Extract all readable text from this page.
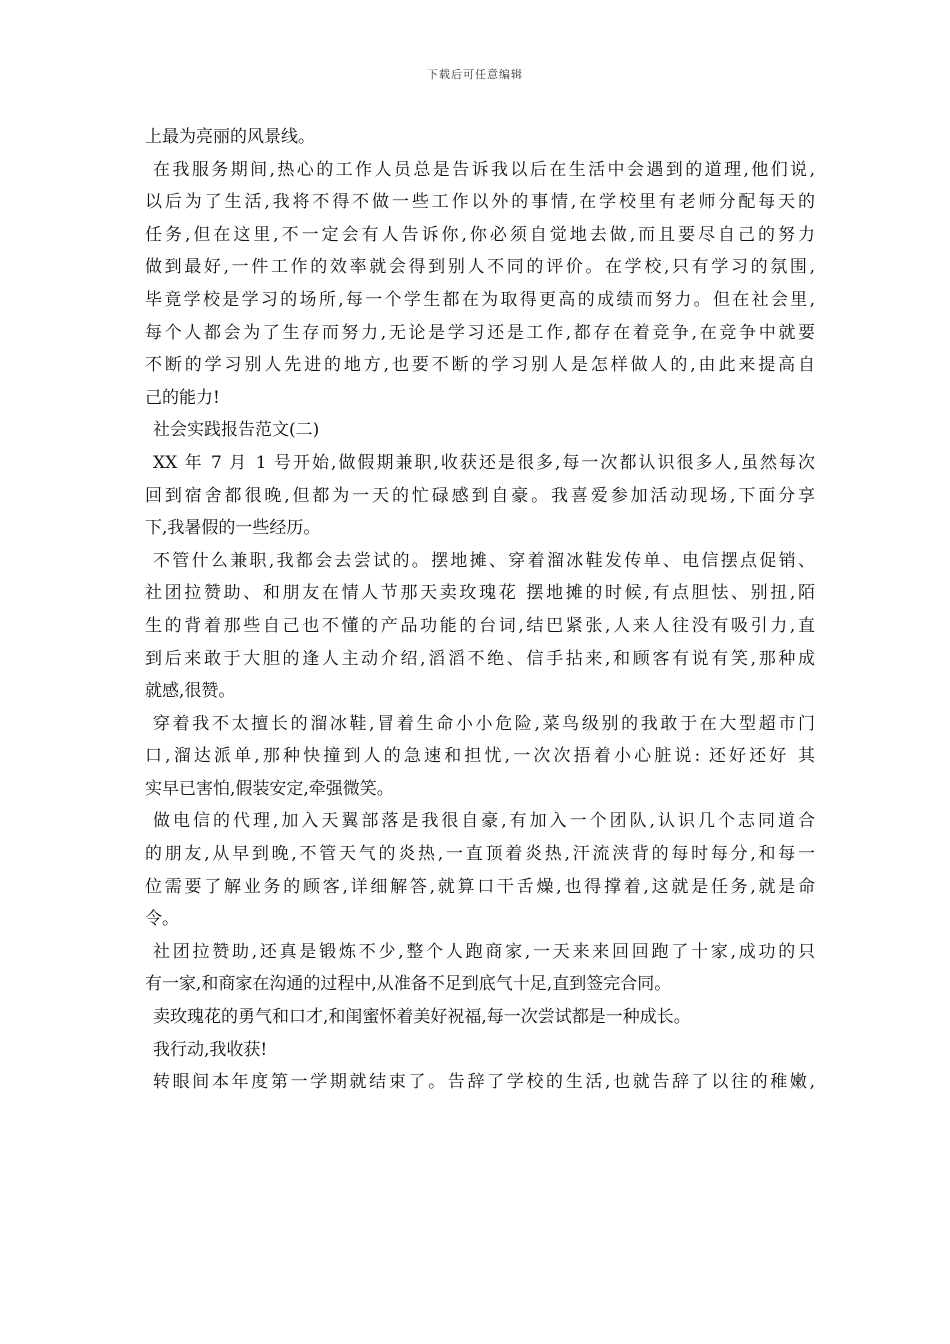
下载后可任意编辑
上最为亮丽的风景线。
在我服务期间,热心的工作人员总是告诉我以后在生活中会遇到的道理,他们说,
以后为了生活,我将不得不做一些工作以外的事情,在学校里有老师分配每天的
任务,但在这里,不一定会有人告诉你,你必须自觉地去做,而且要尽自己的努力
做到最好,一件工作的效率就会得到别人不同的评价。在学校,只有学习的氛围,
毕竟学校是学习的场所,每一个学生都在为取得更高的成绩而努力。但在社会里,
每个人都会为了生存而努力,无论是学习还是工作,都存在着竞争,在竞争中就要
不断的学习别人先进的地方,也要不断的学习别人是怎样做人的,由此来提高自
己的能力!
社会实践报告范文(二)
XX 年 7 月 1 号开始,做假期兼职,收获还是很多,每一次都认识很多人,虽然每次
回到宿舍都很晚,但都为一天的忙碌感到自豪。我喜爱参加活动现场,下面分享
下,我暑假的一些经历。
不管什么兼职,我都会去尝试的。摆地摊、穿着溜冰鞋发传单、电信摆点促销、
社团拉赞助、和朋友在情人节那天卖玫瑰花 摆地摊的时候,有点胆怯、别扭,陌
生的背着那些自己也不懂的产品功能的台词,结巴紧张,人来人往没有吸引力,直
到后来敢于大胆的逢人主动介绍,滔滔不绝、信手拈来,和顾客有说有笑,那种成
就感,很赞。
穿着我不太擅长的溜冰鞋,冒着生命小小危险,菜鸟级别的我敢于在大型超市门
口,溜达派单,那种快撞到人的急速和担忧,一次次捂着小心脏说: 还好还好 其
实早已害怕,假装安定,牵强微笑。
做电信的代理,加入天翼部落是我很自豪,有加入一个团队,认识几个志同道合
的朋友,从早到晚,不管天气的炎热,一直顶着炎热,汗流浃背的每时每分,和每一
位需要了解业务的顾客,详细解答,就算口干舌燥,也得撑着,这就是任务,就是命
令。
社团拉赞助,还真是锻炼不少,整个人跑商家,一天来来回回跑了十家,成功的只
有一家,和商家在沟通的过程中,从准备不足到底气十足,直到签完合同。
卖玫瑰花的勇气和口才,和闺蜜怀着美好祝福,每一次尝试都是一种成长。
我行动,我收获!
转眼间本年度第一学期就结束了。告辞了学校的生活,也就告辞了以往的稚嫩,
